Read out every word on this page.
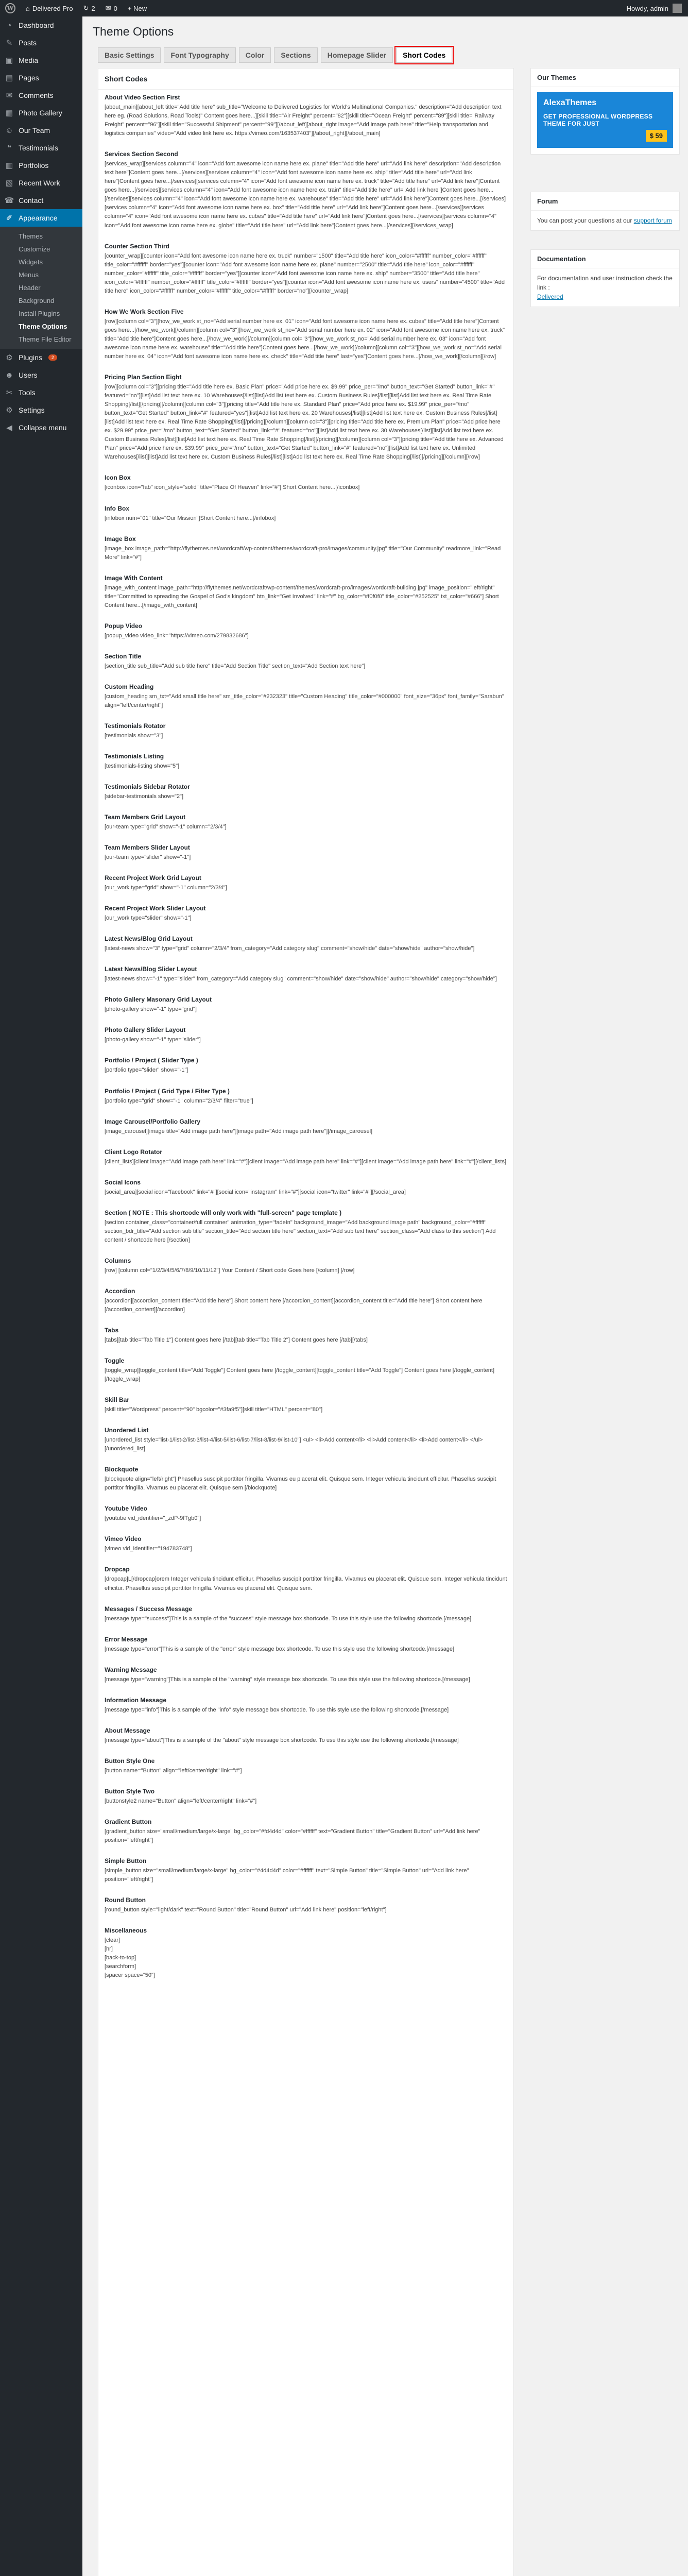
W ⌂ Delivered Pro ↻ 2 ✉ 0 + New	Howdy, admin
◔ Dashboard
✎ Posts
▣ Media
▤ Pages
✉ Comments
▦ Photo Gallery
☺ Our Team
❝ Testimonials
▥ Portfolios
▧ Recent Work
☎ Contact
✐ Appearance
Themes
Customize
Widgets
Menus
Header
Background
Install Plugins
Theme Options
Theme File Editor
⚙ Plugins	2
☻ Users
✂ Tools
⚙ Settings
◀ Collapse menu
Theme Options
Basic Settings	Font Typography	Color	Sections	Homepage Slider	Short Codes
Short Codes
About Video Section First
[about_main][about_left title="Add title here" sub_title="Welcome to Delivered Logistics for World's Multinational Companies." description="Add description text here eg. (Road Solutions, Road Tools)" Content goes here...][skill title="Air Freight" percent="82"][skill title="Ocean Freight" percent="89"][skill title="Railway Freight" percent="96"][skill title="Successful Shipment" percent="99"][/about_left][about_right image="Add image path here" title="Help transportation and logistics companies" video="Add video link here ex. https://vimeo.com/163537403"][/about_right][/about_main]
Services Section Second
[services_wrap][services column="4" icon="Add font awesome icon name here ex. plane" title="Add title here" url="Add link here" description="Add description text here"]Content goes here...[/services][services column="4" icon="Add font awesome icon name here ex. ship" title="Add title here" url="Add link here"]Content goes here...[/services][services column="4" icon="Add font awesome icon name here ex. truck" title="Add title here" url="Add link here"]Content goes here...[/services][services column="4" icon="Add font awesome icon name here ex. train" title="Add title here" url="Add link here"]Content goes here...[/services][services column="4" icon="Add font awesome icon name here ex. warehouse" title="Add title here" url="Add link here"]Content goes here...[/services][services column="4" icon="Add font awesome icon name here ex. box" title="Add title here" url="Add link here"]Content goes here...[/services][services column="4" icon="Add font awesome icon name here ex. cubes" title="Add title here" url="Add link here"]Content goes here...[/services][services column="4" icon="Add font awesome icon name here ex. globe" title="Add title here" url="Add link here"]Content goes here...[/services][/services_wrap]
Counter Section Third
[counter_wrap][counter icon="Add font awesome icon name here ex. truck" number="1500" title="Add title here" icon_color="#ffffff" number_color="#ffffff" title_color="#ffffff" border="yes"][counter icon="Add font awesome icon name here ex. plane" number="2500" title="Add title here" icon_color="#ffffff" number_color="#ffffff" title_color="#ffffff" border="yes"][counter icon="Add font awesome icon name here ex. ship" number="3500" title="Add title here" icon_color="#ffffff" number_color="#ffffff" title_color="#ffffff" border="yes"][counter icon="Add font awesome icon name here ex. users" number="4500" title="Add title here" icon_color="#ffffff" number_color="#ffffff" title_color="#ffffff" border="no"][/counter_wrap]
How We Work Section Five
[row][column col="3"][how_we_work st_no="Add serial number here ex. 01" icon="Add font awesome icon name here ex. cubes" title="Add title here"]Content goes here...[/how_we_work][/column][column col="3"][how_we_work st_no="Add serial number here ex. 02" icon="Add font awesome icon name here ex. truck" title="Add title here"]Content goes here...[/how_we_work][/column][column col="3"][how_we_work st_no="Add serial number here ex. 03" icon="Add font awesome icon name here ex. warehouse" title="Add title here"]Content goes here...[/how_we_work][/column][column col="3"][how_we_work st_no="Add serial number here ex. 04" icon="Add font awesome icon name here ex. check" title="Add title here" last="yes"]Content goes here...[/how_we_work][/column][/row]
Pricing Plan Section Eight
[row][column col="3"][pricing title="Add title here ex. Basic Plan" price="Add price here ex. $9.99" price_per="/mo" button_text="Get Started" button_link="#" featured="no"][list]Add list text here ex. 10 Warehouses[/list][list]Add list text here ex. Custom Business Rules[/list][list]Add list text here ex. Real Time Rate Shopping[/list][/pricing][/column][column col="3"][pricing title="Add title here ex. Standard Plan" price="Add price here ex. $19.99" price_per="/mo" button_text="Get Started" button_link="#" featured="yes"][list]Add list text here ex. 20 Warehouses[/list][list]Add list text here ex. Custom Business Rules[/list][list]Add list text here ex. Real Time Rate Shopping[/list][/pricing][/column][column col="3"][pricing title="Add title here ex. Premium Plan" price="Add price here ex. $29.99" price_per="/mo" button_text="Get Started" button_link="#" featured="no"][list]Add list text here ex. 30 Warehouses[/list][list]Add list text here ex. Custom Business Rules[/list][list]Add list text here ex. Real Time Rate Shopping[/list][/pricing][/column][column col="3"][pricing title="Add title here ex. Advanced Plan" price="Add price here ex. $39.99" price_per="/mo" button_text="Get Started" button_link="#" featured="no"][list]Add list text here ex. Unlimited Warehouses[/list][list]Add list text here ex. Custom Business Rules[/list][list]Add list text here ex. Real Time Rate Shopping[/list][/pricing][/column][/row]
Icon Box
[iconbox icon="fab" icon_style="solid" title="Place Of Heaven" link="#"] Short Content here...[/iconbox]
Info Box
[infobox num="01" title="Our Mission"]Short Content here...[/infobox]
Image Box
[image_box image_path="http://flythemes.net/wordcraft/wp-content/themes/wordcraft-pro/images/community.jpg" title="Our Community" readmore_link="Read More" link="#"]
Image With Content
[image_with_content image_path="http://flythemes.net/wordcraft/wp-content/themes/wordcraft-pro/images/wordcraft-building.jpg" image_position="left/right" title="Committed to spreading the Gospel of God's kingdom" btn_link="Get Involved" link="#" bg_color="#f0f0f0" title_color="#252525" txt_color="#666"] Short Content here...[/image_with_content]
Popup Video
[popup_video video_link="https://vimeo.com/279832686"]
Section Title
[section_title sub_title="Add sub title here" title="Add Section Title" section_text="Add Section text here"]
Custom Heading
[custom_heading sm_txt="Add small title here" sm_title_color="#232323" title="Custom Heading" title_color="#000000" font_size="36px" font_family="Sarabun" align="left/center/right"]
Testimonials Rotator
[testimonials show="3"]
Testimonials Listing
[testimonials-listing show="5"]
Testimonials Sidebar Rotator
[sidebar-testimonials show="2"]
Team Members Grid Layout
[our-team type="grid" show="-1" column="2/3/4"]
Team Members Slider Layout
[our-team type="slider" show="-1"]
Recent Project Work Grid Layout
[our_work type="grid" show="-1" column="2/3/4"]
Recent Project Work Slider Layout
[our_work type="slider" show="-1"]
Latest News/Blog Grid Layout
[latest-news show="3" type="grid" column="2/3/4" from_category="Add category slug" comment="show/hide" date="show/hide" author="show/hide"]
Latest News/Blog Slider Layout
[latest-news show="-1" type="slider" from_category="Add category slug" comment="show/hide" date="show/hide" author="show/hide" category="show/hide"]
Photo Gallery Masonary Grid Layout
[photo-gallery show="-1" type="grid"]
Photo Gallery Slider Layout
[photo-gallery show="-1" type="slider"]
Portfolio / Project ( Slider Type )
[portfolio type="slider" show="-1"]
Portfolio / Project ( Grid Type / Filter Type )
[portfolio type="grid" show="-1" column="2/3/4" filter="true"]
Image Carousel/Portfolio Gallery
[image_carousel][image title="Add image path here"][image path="Add image path here"][/image_carousel]
Client Logo Rotator
[client_lists][client image="Add image path here" link="#"][client image="Add image path here" link="#"][client image="Add image path here" link="#"][/client_lists]
Social Icons
[social_area][social icon="facebook" link="#"][social icon="instagram" link="#"][social icon="twitter" link="#"][/social_area]
Section ( NOTE : This shortcode will only work with "full-screen" page template )
[section container_class="container/full container" animation_type="fadeIn" background_image="Add background image path" background_color="#ffffff" section_bdr_title="Add section sub title" section_title="Add section title here" section_text="Add sub text here" section_class="Add class to this section"] Add content / shortcode here [/section]
Columns
[row] [column col="1/2/3/4/5/6/7/8/9/10/11/12"] Your Content / Short code Goes here [/column] [/row]
Accordion
[accordion][accordion_content title="Add title here"] Short content here [/accordion_content][accordion_content title="Add title here"] Short content here [/accordion_content][/accordion]
Tabs
[tabs][tab title="Tab Title 1"] Content goes here [/tab][tab title="Tab Title 2"] Content goes here [/tab][/tabs]
Toggle
[toggle_wrap][toggle_content title="Add Toggle"] Content goes here [/toggle_content][toggle_content title="Add Toggle"] Content goes here [/toggle_content][/toggle_wrap]
Skill Bar
[skill title="Wordpress" percent="90" bgcolor="#3fa9f5"][skill title="HTML" percent="80"]
Unordered List
[unordered_list style="list-1/list-2/list-3/list-4/list-5/list-6/list-7/list-8/list-9/list-10"] <ul> <li>Add content</li> <li>Add content</li> <li>Add content</li> </ul> [/unordered_list]
Blockquote
[blockquote align="left/right"] Phasellus suscipit porttitor fringilla. Vivamus eu placerat elit. Quisque sem. Integer vehicula tincidunt efficitur. Phasellus suscipit porttitor fringilla. Vivamus eu placerat elit. Quisque sem [/blockquote]
Youtube Video
[youtube vid_identifier="_zdP-9fTgb0"]
Vimeo Video
[vimeo vid_identifier="194783748"]
Dropcap
[dropcap]L[/dropcap]orem Integer vehicula tincidunt efficitur. Phasellus suscipit porttitor fringilla. Vivamus eu placerat elit. Quisque sem. Integer vehicula tincidunt efficitur. Phasellus suscipit porttitor fringilla. Vivamus eu placerat elit. Quisque sem.
Messages / Success Message
[message type="success"]This is a sample of the "success" style message box shortcode. To use this style use the following shortcode.[/message]
Error Message
[message type="error"]This is a sample of the "error" style message box shortcode. To use this style use the following shortcode.[/message]
Warning Message
[message type="warning"]This is a sample of the "warning" style message box shortcode. To use this style use the following shortcode.[/message]
Information Message
[message type="info"]This is a sample of the "info" style message box shortcode. To use this style use the following shortcode.[/message]
About Message
[message type="about"]This is a sample of the "about" style message box shortcode. To use this style use the following shortcode.[/message]
Button Style One
[button name="Button" align="left/center/right" link="#"]
Button Style Two
[buttonstyle2 name="Button" align="left/center/right" link="#"]
Gradient Button
[gradient_button size="small/medium/large/x-large" bg_color="#fd4d4d" color="#ffffff" text="Gradient Button" title="Gradient Button" url="Add link here" position="left/right"]
Simple Button
[simple_button size="small/medium/large/x-large" bg_color="#4d4d4d" color="#ffffff" text="Simple Button" title="Simple Button" url="Add link here" position="left/right"]
Round Button
[round_button style="light/dark" text="Round Button" title="Round Button" url="Add link here" position="left/right"]
Miscellaneous
[clear]
[hr]
[back-to-top]
[searchform]
[spacer space="50"]
Our Themes
AlexaThemes
GET PROFESSIONAL WORDPRESS THEME FOR JUST
$ 59
Forum
You can post your questions at our support forum
Documentation
For documentation and user instruction check the link :
Delivered
